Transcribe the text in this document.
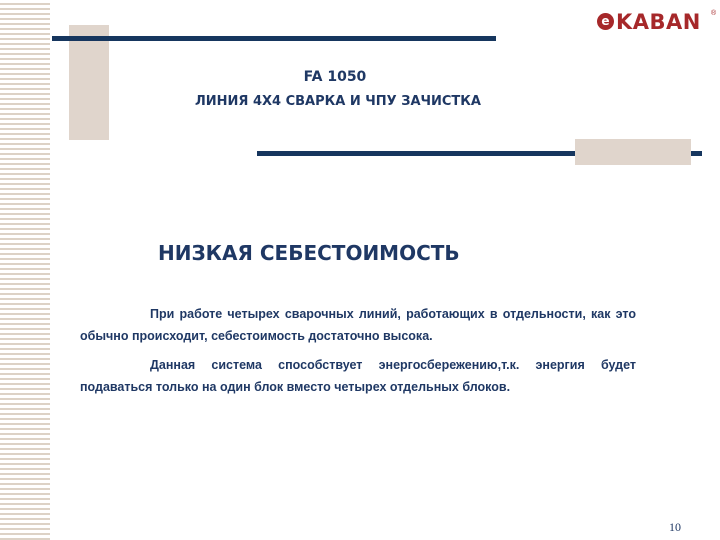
e KABAN ®
FA 1050
ЛИНИЯ 4X4 СВАРКА И ЧПУ ЗАЧИСТКА
НИЗКАЯ СЕБЕСТОИМОСТЬ

При работе четырех сварочных линий, работающих в отдельности, как это обычно происходит, себестоимость достаточно высока.

Данная система способствует энергосбережению,т.к. энергия будет подаваться только на один блок вместо четырех отдельных блоков.

10
